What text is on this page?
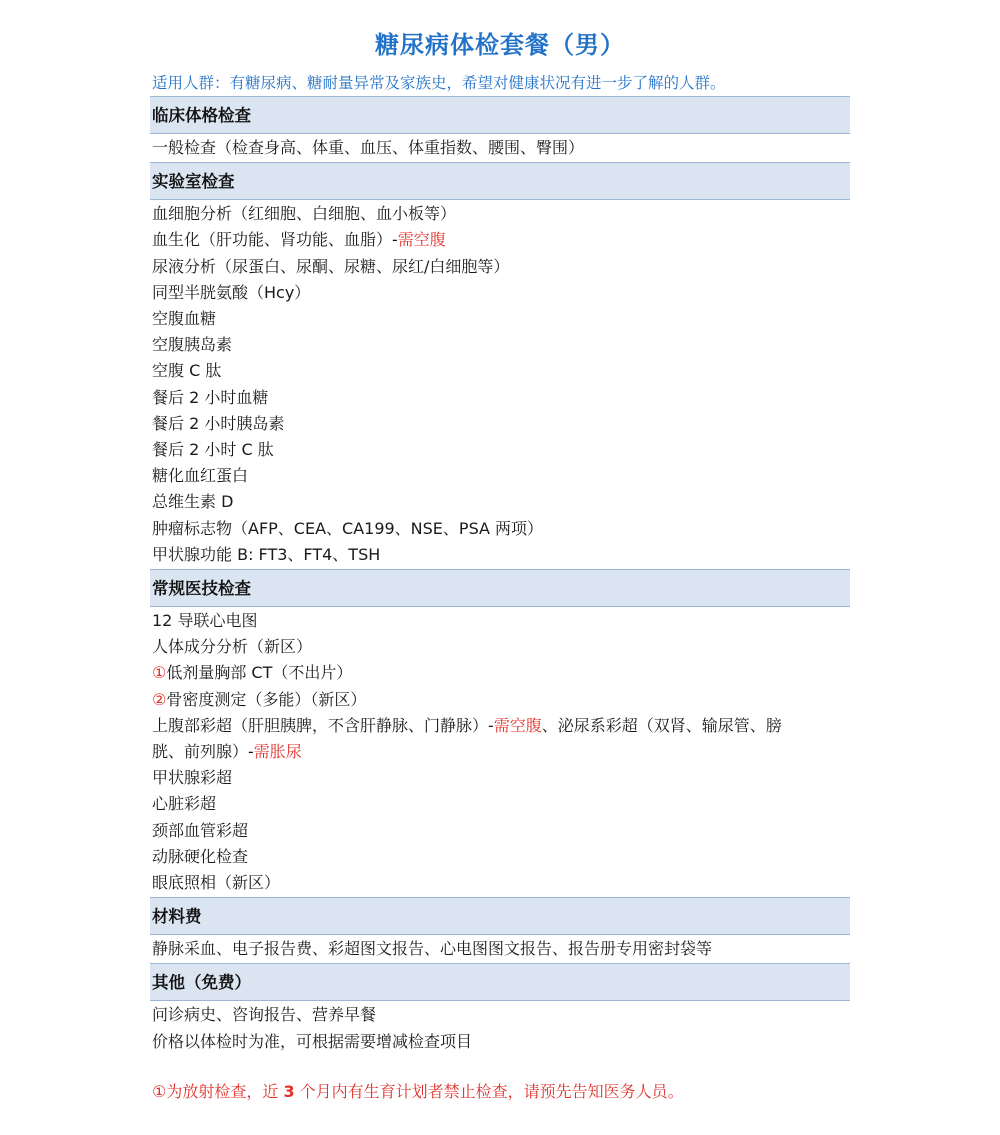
糖尿病体检套餐（男）
适用人群：有糖尿病、糖耐量异常及家族史，希望对健康状况有进一步了解的人群。
临床体格检查
一般检查（检查身高、体重、血压、体重指数、腰围、臀围）
实验室检查
血细胞分析（红细胞、白细胞、血小板等）
血生化（肝功能、肾功能、血脂）-需空腹
尿液分析（尿蛋白、尿酮、尿糖、尿红/白细胞等）
同型半胱氨酸（Hcy）
空腹血糖
空腹胰岛素
空腹 C 肽
餐后 2 小时血糖
餐后 2 小时胰岛素
餐后 2 小时 C 肽
糖化血红蛋白
总维生素 D
肿瘤标志物（AFP、CEA、CA199、NSE、PSA 两项）
甲状腺功能 B: FT3、FT4、TSH
常规医技检查
12 导联心电图
人体成分分析（新区）
①低剂量胸部 CT（不出片）
②骨密度测定（多能）（新区）
上腹部彩超（肝胆胰脾，不含肝静脉、门静脉）-需空腹、泌尿系彩超（双肾、输尿管、膀
胱、前列腺）-需胀尿
甲状腺彩超
心脏彩超
颈部血管彩超
动脉硬化检查
眼底照相（新区）
材料费
静脉采血、电子报告费、彩超图文报告、心电图图文报告、报告册专用密封袋等
其他（免费）
问诊病史、咨询报告、营养早餐
价格以体检时为准，可根据需要增减检查项目
①为放射检查，近 3 个月内有生育计划者禁止检查，请预先告知医务人员。
